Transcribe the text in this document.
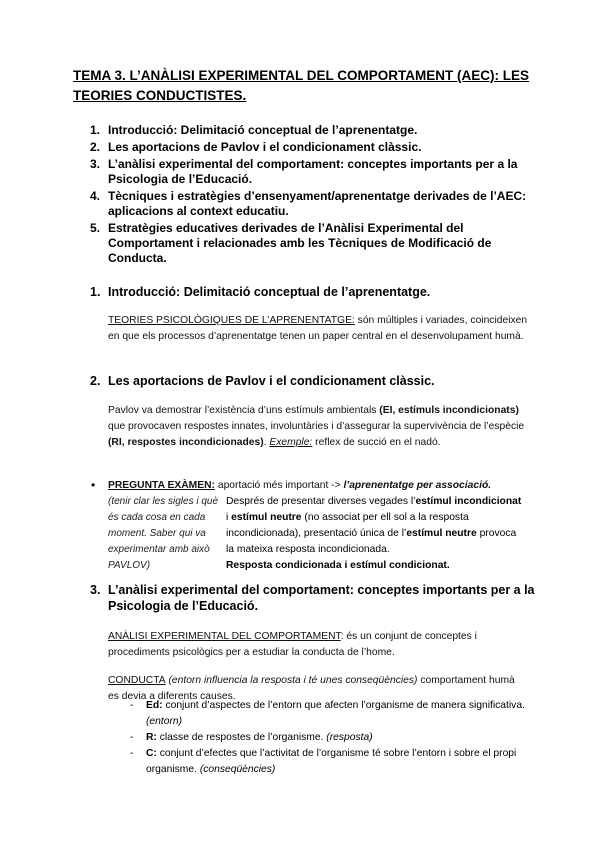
TEMA 3. L’ANÀLISI EXPERIMENTAL DEL COMPORTAMENT (AEC): LES TEORIES CONDUCTISTES.
1. Introducció: Delimitació conceptual de l’aprenentatge.
2. Les aportacions de Pavlov i el condicionament clàssic.
3. L’anàlisi experimental del comportament: conceptes importants per a la Psicologia de l’Educació.
4. Tècniques i estratègies d’ensenyament/aprenentatge derivades de l’AEC: aplicacions al context educatiu.
5. Estratègies educatives derivades de l’Anàlisi Experimental del Comportament i relacionades amb les Tècniques de Modificació de Conducta.
1. Introducció: Delimitació conceptual de l’aprenentatge.
TEORIES PSICOLÒGIQUES DE L’APRENENTATGE: són múltiples i variades, coincideixen en que els processos d’aprenentatge tenen un paper central en el desenvolupament humà.
2. Les aportacions de Pavlov i el condicionament clàssic.
Pavlov va demostrar l’existència d’uns estímuls ambientals (EI, estímuls incondicionats) que provocaven respostes innates, involuntàries i d’assegurar la supervivència de l’espècie (RI, respostes incondicionades). Exemple: reflex de succió en el nadó.
• PREGUNTA EXÀMEN: aportació més important -> l’aprenentatge per associació.
(tenir clar les sigles i què és cada cosa en cada moment. Saber qui va experimentar amb això PAVLOV)
Després de presentar diverses vegades l’estímul incondicionat i estímul neutre (no associat per ell sol a la resposta incondicionada), presentació única de l’estímul neutre provoca la mateixa resposta incondicionada.
Resposta condicionada i estímul condicionat.
3. L’anàlisi experimental del comportament: conceptes importants per a la Psicologia de l’Educació.
ANÀLISI EXPERIMENTAL DEL COMPORTAMENT: és un conjunt de conceptes i procediments psicològics per a estudiar la conducta de l’home.
CONDUCTA (entorn influencia la resposta i té unes conseqüències) comportament humà es devia a diferents causes.
- Ed: conjunt d’aspectes de l’entorn que afecten l’organisme de manera significativa. (entorn)
- R: classe de respostes de l’organisme. (resposta)
- C: conjunt d’efectes que l’activitat de l’organisme té sobre l’entorn i sobre el propi organisme. (conseqüències)
